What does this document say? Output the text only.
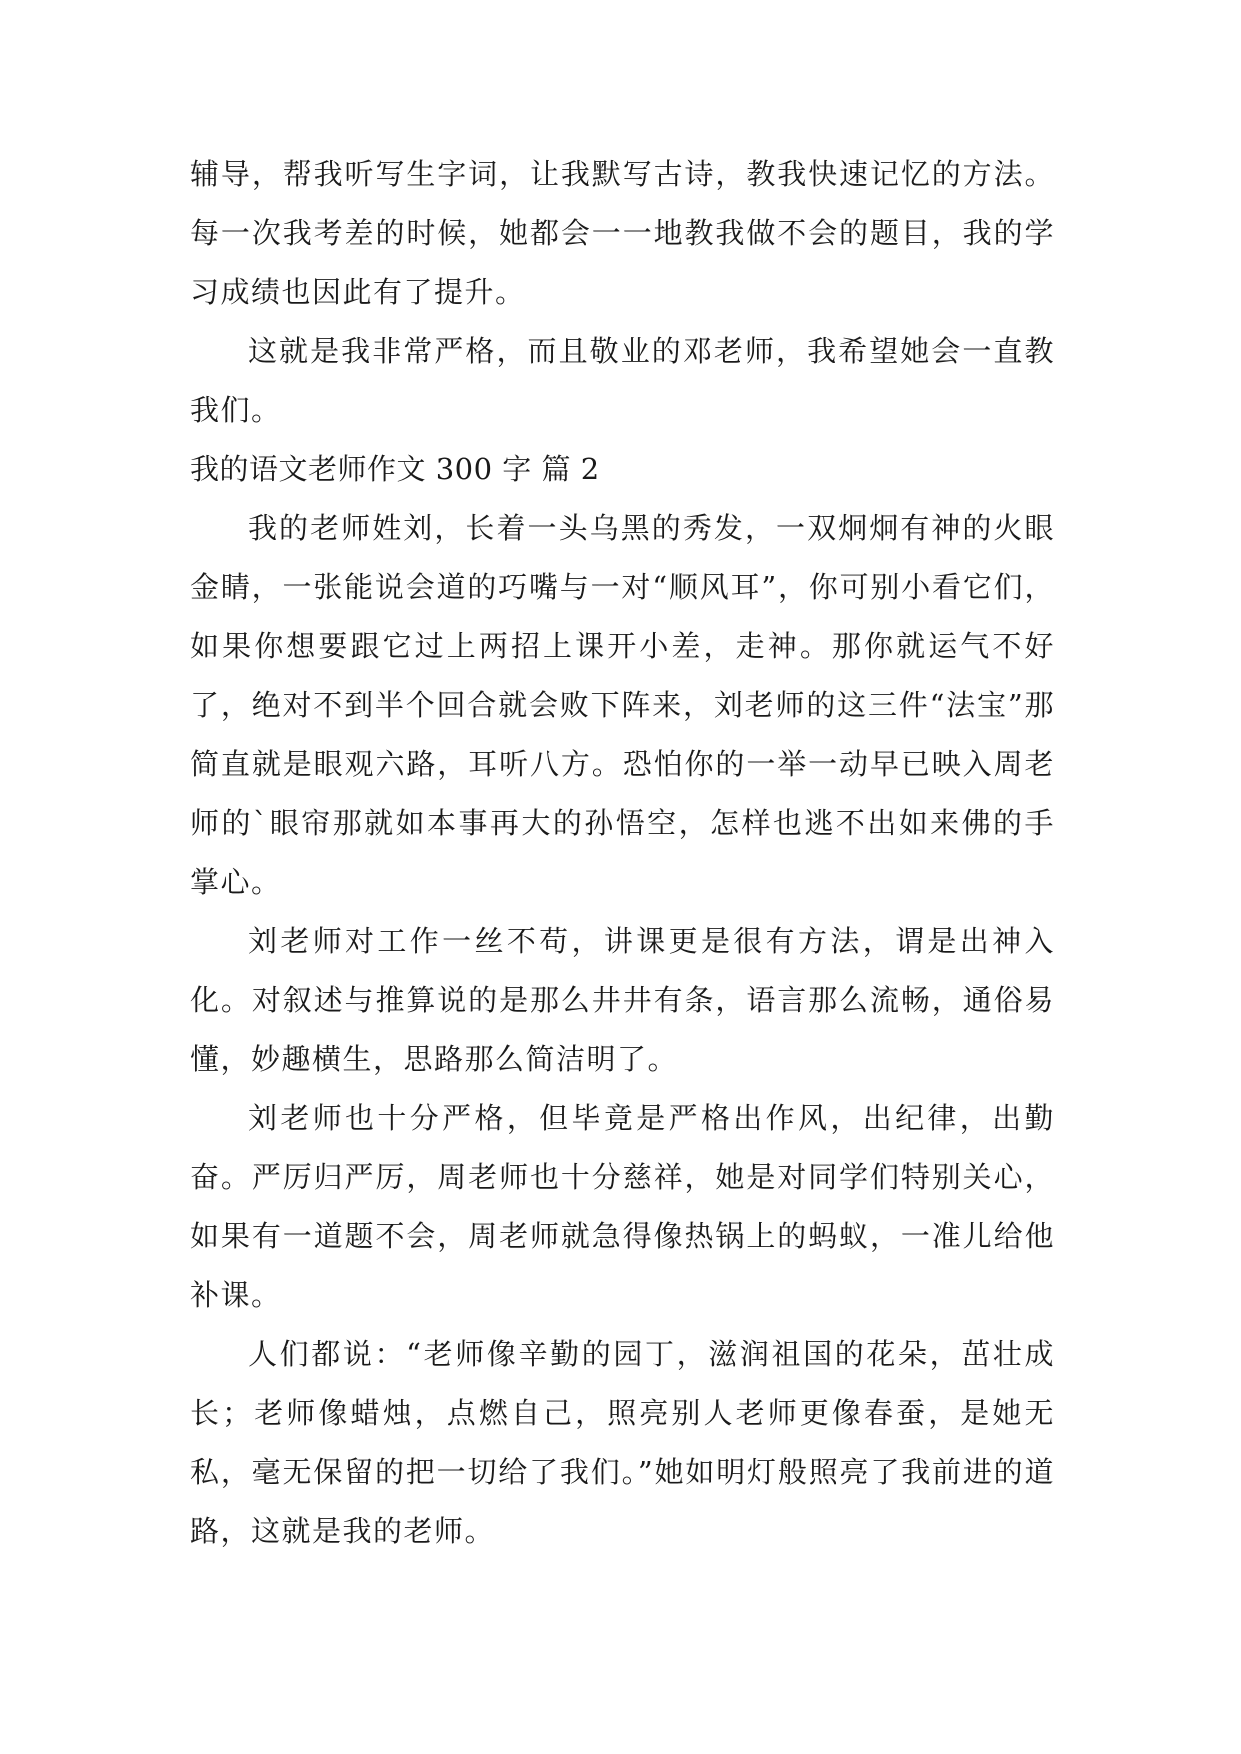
辅导，帮我听写生字词，让我默写古诗，教我快速记忆的方法。每一次我考差的时候，她都会一一地教我做不会的题目，我的学习成绩也因此有了提升。

这就是我非常严格，而且敬业的邓老师，我希望她会一直教我们。

我的语文老师作文 300 字 篇 2

我的老师姓刘，长着一头乌黑的秀发，一双炯炯有神的火眼金睛，一张能说会道的巧嘴与一对“顺风耳”，你可别小看它们，如果你想要跟它过上两招上课开小差，走神。那你就运气不好了，绝对不到半个回合就会败下阵来，刘老师的这三件“法宝”那简直就是眼观六路，耳听八方。恐怕你的一举一动早已映入周老师的`眼帘那就如本事再大的孙悟空，怎样也逃不出如来佛的手掌心。

刘老师对工作一丝不苟，讲课更是很有方法，谓是出神入化。对叙述与推算说的是那么井井有条，语言那么流畅，通俗易懂，妙趣横生，思路那么简洁明了。

刘老师也十分严格，但毕竟是严格出作风，出纪律，出勤奋。严厉归严厉，周老师也十分慈祥，她是对同学们特别关心，如果有一道题不会，周老师就急得像热锅上的蚂蚁，一准儿给他补课。

人们都说：“老师像辛勤的园丁，滋润祖国的花朵，茁壮成长；老师像蜡烛，点燃自己，照亮别人老师更像春蚕，是她无私，毫无保留的把一切给了我们。”她如明灯般照亮了我前进的道路，这就是我的老师。
